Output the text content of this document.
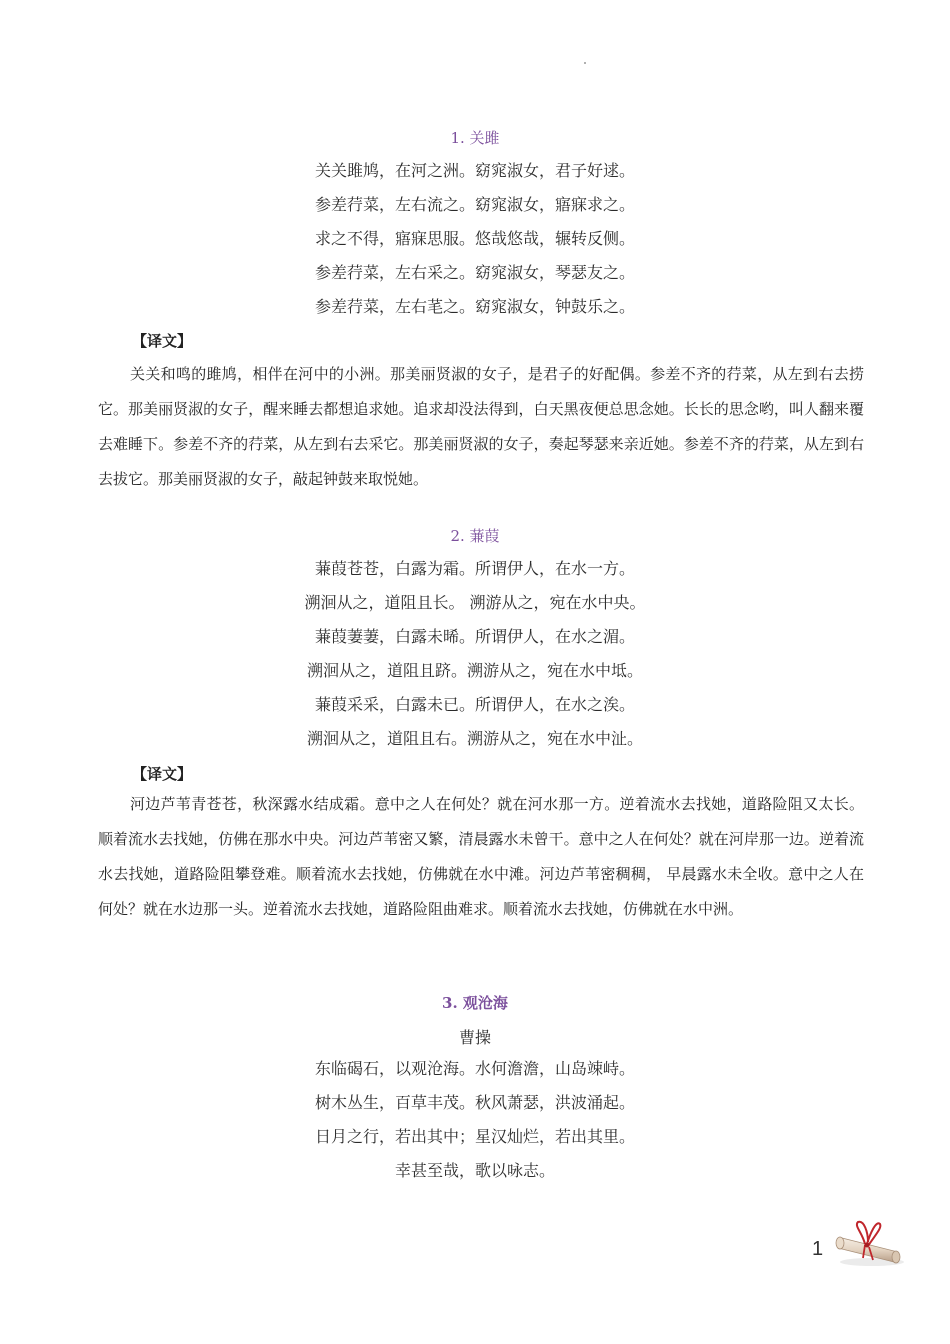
1. 关雎
关关雎鸠，在河之洲。窈窕淑女，君子好逑。
参差荇菜，左右流之。窈窕淑女，寤寐求之。
求之不得，寤寐思服。悠哉悠哉，辗转反侧。
参差荇菜，左右采之。窈窕淑女，琴瑟友之。
参差荇菜，左右芼之。窈窕淑女，钟鼓乐之。
【译文】

关关和鸣的雎鸠，相伴在河中的小洲。那美丽贤淑的女子，是君子的好配偶。参差不齐的荇菜，从左到右去捞它。那美丽贤淑的女子，醒来睡去都想追求她。追求却没法得到，白天黑夜便总思念她。长长的思念哟，叫人翻来覆去难睡下。参差不齐的荇菜，从左到右去采它。那美丽贤淑的女子，奏起琴瑟来亲近她。参差不齐的荇菜，从左到右去拔它。那美丽贤淑的女子，敲起钟鼓来取悦她。

2. 蒹葭
蒹葭苍苍，白露为霜。所谓伊人，在水一方。
溯洄从之，道阻且长。 溯游从之，宛在水中央。
蒹葭萋萋，白露未晞。所谓伊人，在水之湄。
溯洄从之，道阻且跻。溯游从之，宛在水中坻。
蒹葭采采，白露未已。所谓伊人，在水之涘。
溯洄从之，道阻且右。溯游从之，宛在水中沚。
【译文】

河边芦苇青苍苍，秋深露水结成霜。意中之人在何处？就在河水那一方。逆着流水去找她，道路险阻又太长。顺着流水去找她，仿佛在那水中央。河边芦苇密又繁，清晨露水未曾干。意中之人在何处？就在河岸那一边。逆着流水去找她，道路险阻攀登难。顺着流水去找她，仿佛就在水中滩。河边芦苇密稠稠， 早晨露水未全收。意中之人在何处？就在水边那一头。逆着流水去找她，道路险阻曲难求。顺着流水去找她，仿佛就在水中洲。

3. 观沧海
曹操
东临碣石，以观沧海。水何澹澹，山岛竦峙。
树木丛生，百草丰茂。秋风萧瑟，洪波涌起。
日月之行，若出其中；星汉灿烂，若出其里。
幸甚至哉，歌以咏志。
1
